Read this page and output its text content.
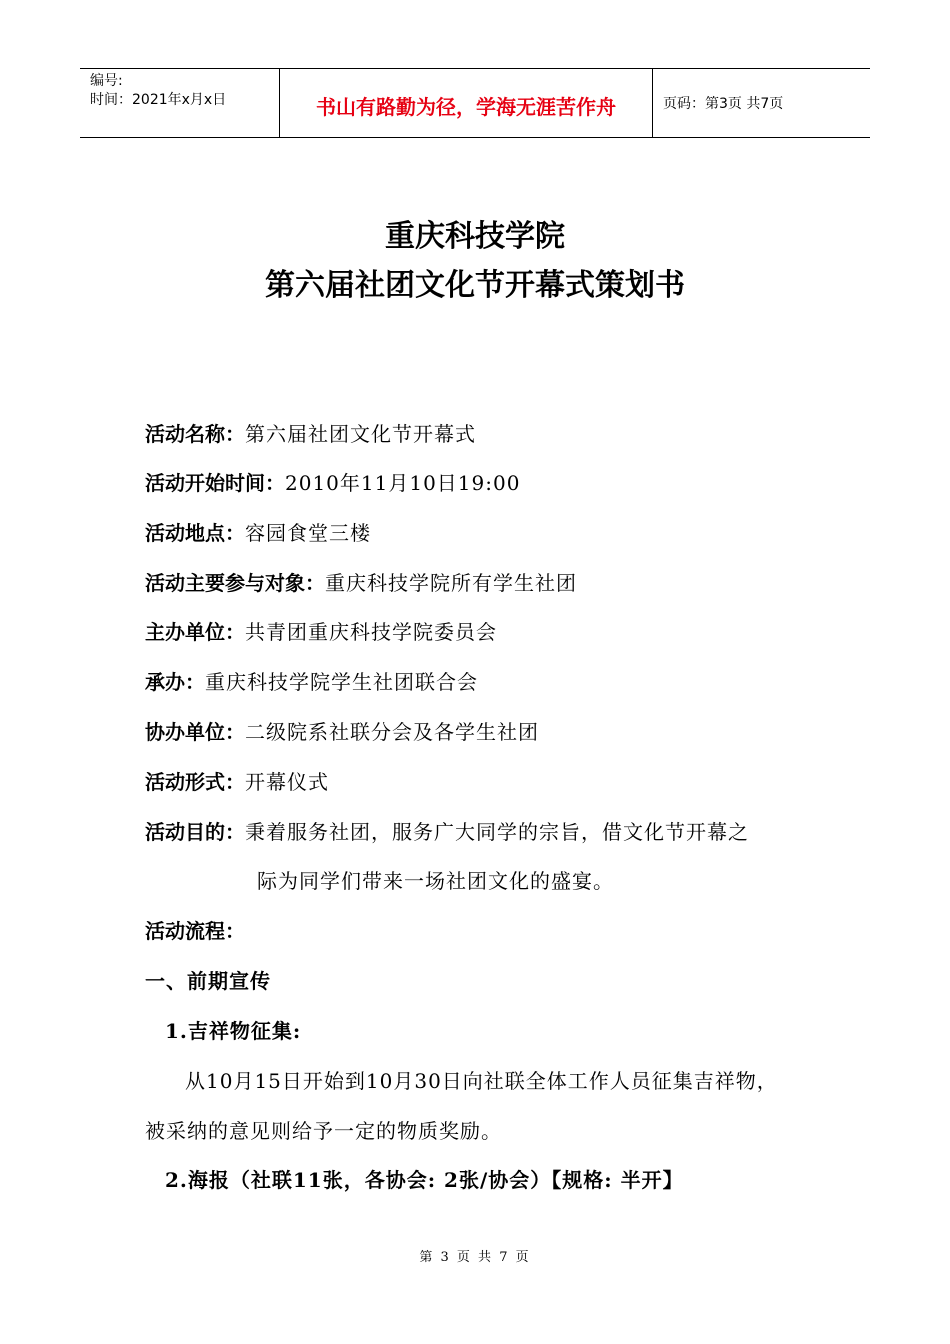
编号:
时间：2021年x月x日	书山有路勤为径，学海无涯苦作舟	页码：第3页 共7页
重庆科技学院
第六届社团文化节开幕式策划书
活动名称：第六届社团文化节开幕式
活动开始时间：2010年11月10日19:00
活动地点：容园食堂三楼
活动主要参与对象：重庆科技学院所有学生社团
主办单位：共青团重庆科技学院委员会
承办：重庆科技学院学生社团联合会
协办单位：二级院系社联分会及各学生社团
活动形式：开幕仪式
活动目的：秉着服务社团，服务广大同学的宗旨，借文化节开幕之
际为同学们带来一场社团文化的盛宴。
活动流程：
一、前期宣传
1.吉祥物征集:
从10月15日开始到10月30日向社联全体工作人员征集吉祥物，
被采纳的意见则给予一定的物质奖励。
2.海报（社联11张，各协会: 2张/协会）【规格: 半开】
第 3 页 共 7 页
